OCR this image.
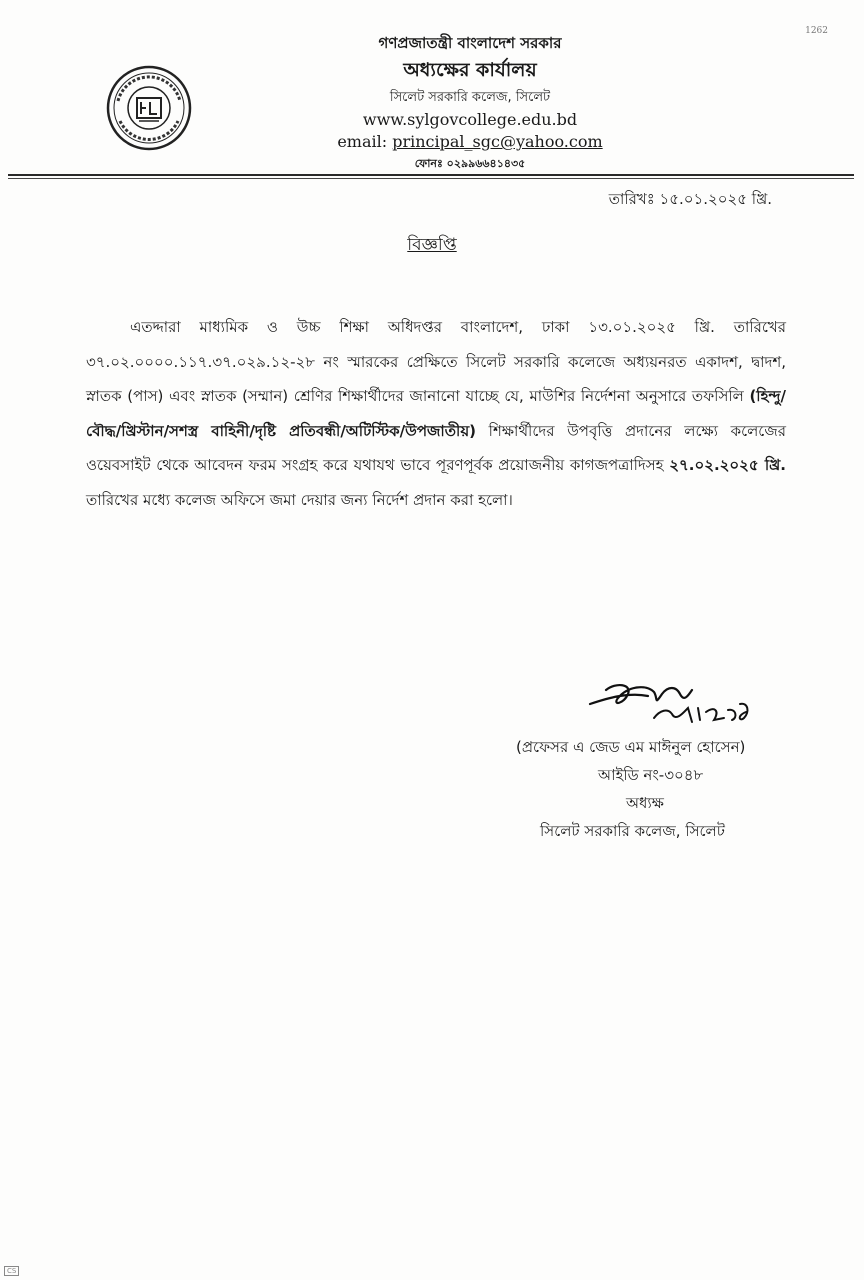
1262
গণপ্রজাতন্ত্রী বাংলাদেশ সরকার
অধ্যক্ষের কার্যালয়
সিলেট সরকারি কলেজ, সিলেট
www.sylgovcollege.edu.bd
email: principal_sgc@yahoo.com
ফোনঃ ০২৯৯৬৬৪১৪৩৫
তারিখঃ ১৫.০১.২০২৫ খ্রি.
বিজ্ঞপ্তি
এতদ্দারা মাধ্যমিক ও উচ্চ শিক্ষা অধিদপ্তর বাংলাদেশ, ঢাকা ১৩.০১.২০২৫ খ্রি. তারিখের ৩৭.০২.০০০০.১১৭.৩৭.০২৯.১২-২৮ নং স্মারকের প্রেক্ষিতে সিলেট সরকারি কলেজে অধ্যয়নরত একাদশ, দ্বাদশ, স্নাতক (পাস) এবং স্নাতক (সম্মান) শ্রেণির শিক্ষার্থীদের জানানো যাচ্ছে যে, মাউশির নির্দেশনা অনুসারে তফসিলি (হিন্দু/বৌদ্ধ/খ্রিস্টান/সশস্ত্র বাহিনী/দৃষ্টি প্রতিবন্ধী/অটিস্টিক/উপজাতীয়) শিক্ষার্থীদের উপবৃত্তি প্রদানের লক্ষ্যে কলেজের ওয়েবসাইট থেকে আবেদন ফরম সংগ্রহ করে যথাযথ ভাবে পূরণপূর্বক প্রয়োজনীয় কাগজপত্রাদিসহ ২৭.০২.২০২৫ খ্রি. তারিখের মধ্যে কলেজ অফিসে জমা দেয়ার জন্য নির্দেশ প্রদান করা হলো।
(প্রফেসর এ জেড এম মাঈনুল হোসেন)
আইডি নং-৩০৪৮
অধ্যক্ষ
সিলেট সরকারি কলেজ, সিলেট
CS
